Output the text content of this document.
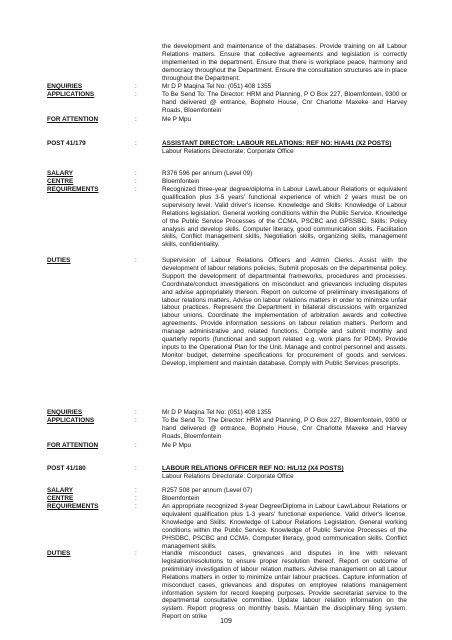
the development and maintenance of the databases. Provide training on all Labour Relations matters. Ensure that collective agreements and legislation is correctly implemented in the department. Ensure that there is workplace peace, harmony and democracy throughout the Department. Ensure the consultation structures are in place throughout the Department.
ENQUIRIES	:	Mr D P Maqina Tel No: (051) 408 1355
APPLICATIONS	:	To Be Send To: The Director: HRM and Planning, P O Box 227, Bloemfontein, 9300 or hand delivered @ entrance, Bophelo House, Cnr Charlotte Maxeke and Harvey Roads, Bloemfontein
FOR ATTENTION	:	Me P Mpu
POST 41/179	:	ASSISTANT DIRECTOR: LABOUR RELATIONS: REF NO: H/A/41 (X2 POSTS)
Labour Relations Directorate: Corporate Office
SALARY	:	R376 596 per annum (Level 09)
CENTRE	:	Bloemfontein
REQUIREMENTS	:	Recognized three-year degree/diploma in Labour Law/Labour Relations or equivalent qualification plus 3-5 years' functional experience of which 2 years must be on supervisory level. Valid driver's license. Knowledge and Skills: Knowledge of Labour Relations legislation. General working conditions within the Public Service. Knowledge of the Public Service Processes of the CCMA, PSCBC and GPSSBC. Skills: Policy analysis and develop skills. Computer literacy, good communication skills. Facilitation skills, Conflict management skills, Negotiation skills, organizing skills, management skills, confidentiality.
DUTIES	:	Supervision of Labour Relations Officers and Admin Clerks. Assist with the development of labour relations policies. Submit proposals on the departmental policy. Support the development of departmental frameworks, procedures and processes. Coordinate/conduct investigations on misconduct and grievances including disputes and advise appropriately thereon. Report on outcome of preliminary investigations of labour relations matters. Advise on labour relations matters in order to minimize unfair labour practices. Represent the Department in bilateral discussions with organized labour unions. Coordinate the implementation of arbitration awards and collective agreements. Provide information sessions on labour relation matters. Perform and manage administrative and related functions. Compile and submit monthly and quarterly reports (functional and support related e.g. work plans for PDM). Provide inputs to the Operational Plan for the Unit. Manage and control personnel and assets. Monitor budget, determine specifications for procurement of goods and services. Develop, implement and maintain database. Comply with Public Services prescripts.
ENQUIRIES	:	Mr D P Maqina Tel No: (051) 408 1355
APPLICATIONS	:	To Be Send To: The Director: HRM and Planning, P O Box 227, Bloemfontein, 9300 or hand delivered @ entrance, Bophelo House, Cnr Charlotte Maxeke and Harvey Roads, Bloemfontein
FOR ATTENTION	:	Me P Mpu
POST 41/180	:	LABOUR RELATIONS OFFICER REF NO: H/L/12 (X4 POSTS)
Labour Relations Directorate: Corporate Office
SALARY	:	R257 508 per annum (Level 07)
CENTRE	:	Bloemfontein
REQUIREMENTS	:	An appropriate recognized 3-year Degree/Diploma in Labour Law/Labour Relations or equivalent qualification plus 1-3 years' functional experience. Valid driver's license. Knowledge and Skills: Knowledge of Labour Relations Legislation. General working conditions within the Public Service. Knowledge of Public Service Processes of the PHSDBC, PSCBC and CCMA. Computer literacy, good communication skills. Conflict management skills.
DUTIES	:	Handle misconduct cases, grievances and disputes in line with relevant legislation/resolutions to ensure proper resolution thereof. Report on outcome of preliminary investigation of labour relation matters. Advise management on all Labour Relations matters in order to minimize unfair labour practices. Capture information of misconduct cases, grievances and disputes on employee relations management information system for record keeping purposes. Provide secretariat service to the departmental consultative committee. Update labour relation information on the system. Report progress on monthly basis. Maintain the disciplinary filing system. Report on strike
109
